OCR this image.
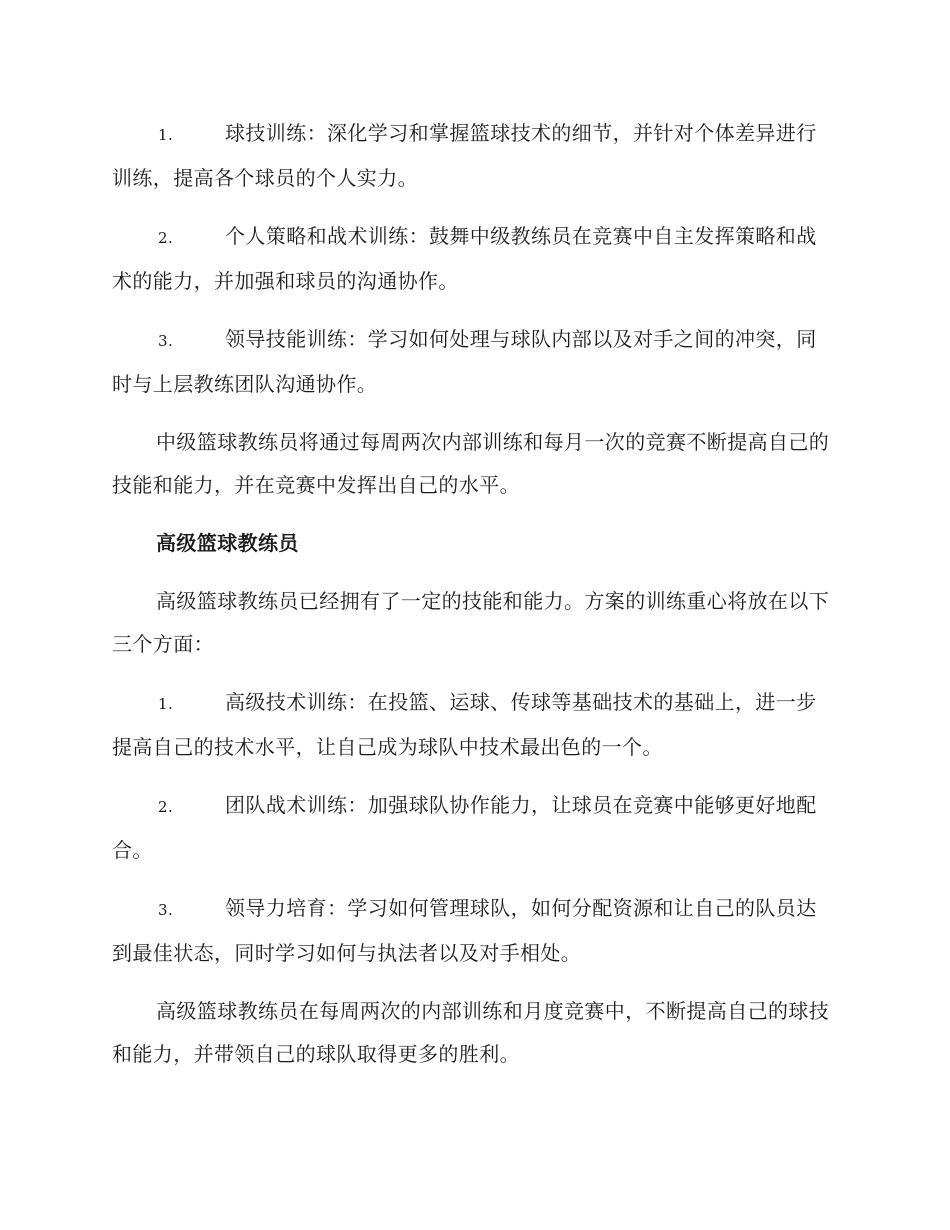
1.	球技训练：深化学习和掌握篮球技术的细节，并针对个体差异进行训练，提高各个球员的个人实力。

2.	个人策略和战术训练：鼓舞中级教练员在竞赛中自主发挥策略和战术的能力，并加强和球员的沟通协作。

3.	领导技能训练：学习如何处理与球队内部以及对手之间的冲突，同时与上层教练团队沟通协作。

中级篮球教练员将通过每周两次内部训练和每月一次的竞赛不断提高自己的技能和能力，并在竞赛中发挥出自己的水平。

高级篮球教练员

高级篮球教练员已经拥有了一定的技能和能力。方案的训练重心将放在以下三个方面：

1.	高级技术训练：在投篮、运球、传球等基础技术的基础上，进一步提高自己的技术水平，让自己成为球队中技术最出色的一个。

2.	团队战术训练：加强球队协作能力，让球员在竞赛中能够更好地配合。

3.	领导力培育：学习如何管理球队，如何分配资源和让自己的队员达到最佳状态，同时学习如何与执法者以及对手相处。

高级篮球教练员在每周两次的内部训练和月度竞赛中，不断提高自己的球技和能力，并带领自己的球队取得更多的胜利。
